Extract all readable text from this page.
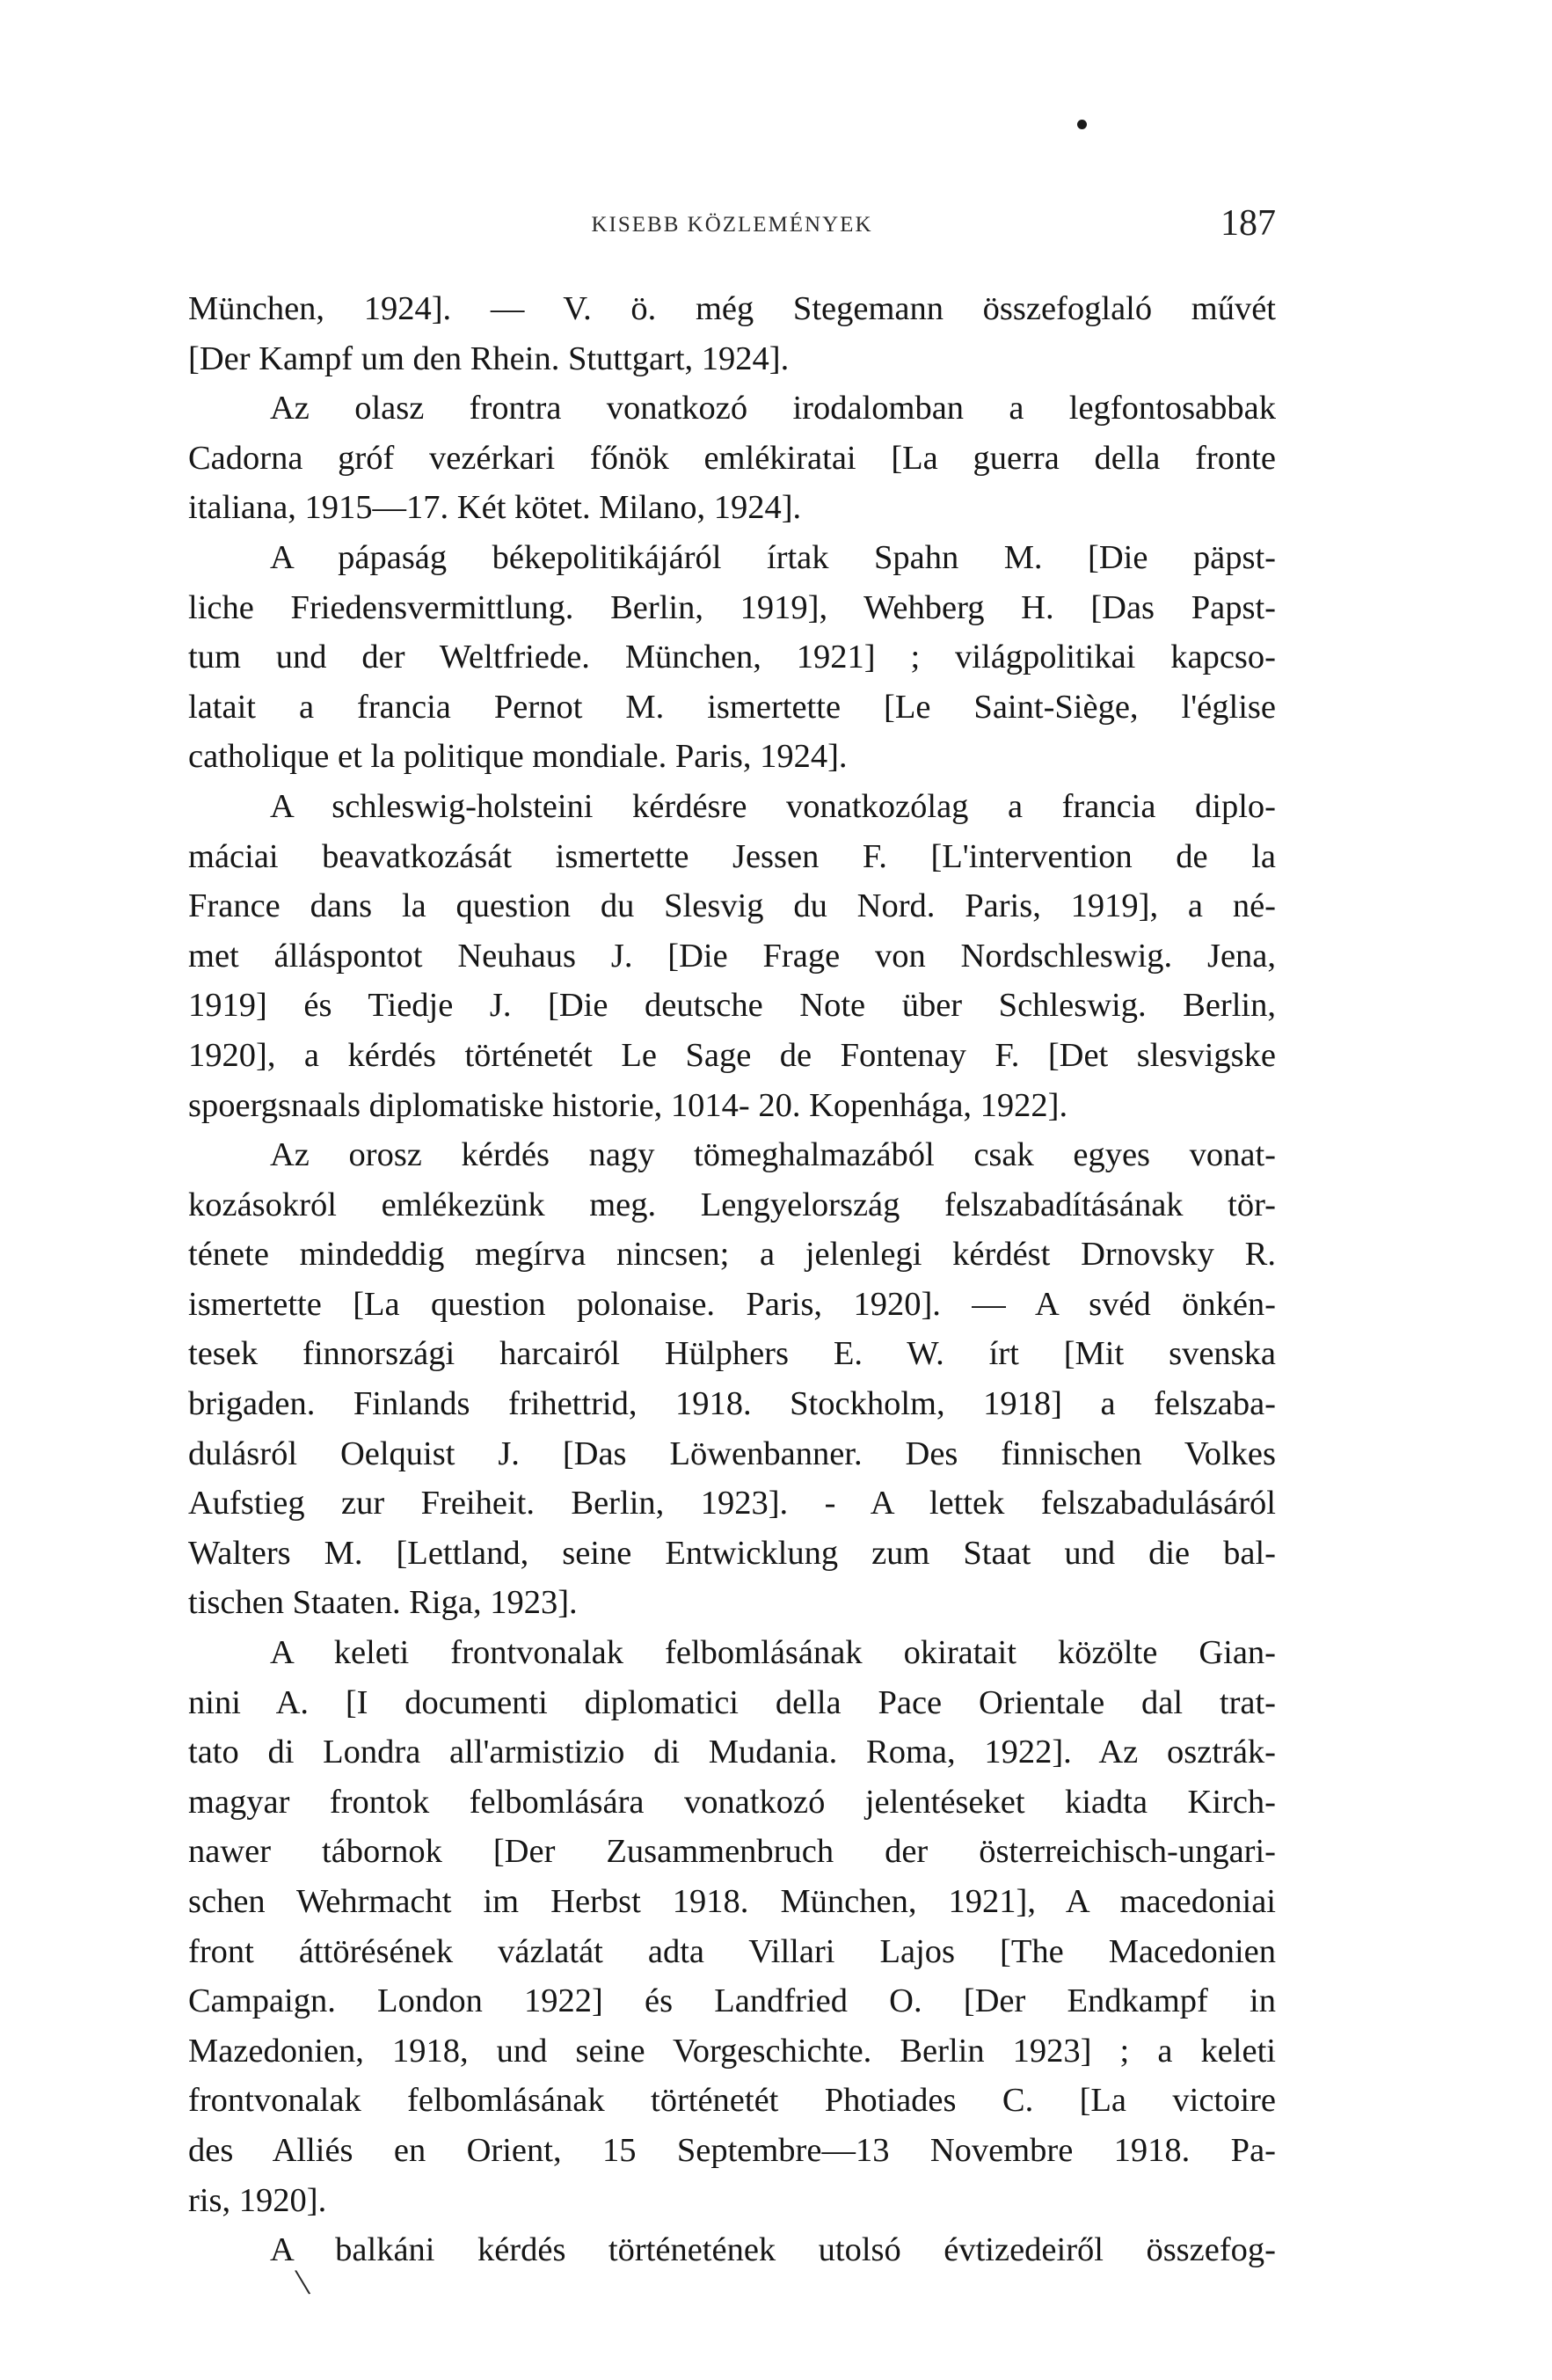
KISEBB KÖZLEMÉNYEK	187
München, 1924]. — V. ö. még Stegemann összefoglaló művét
[Der Kampf um den Rhein. Stuttgart, 1924].
Az olasz frontra vonatkozó irodalomban a legfontosabbak
Cadorna gróf vezérkari főnök emlékiratai [La guerra della fronte
italiana, 1915—17. Két kötet. Milano, 1924].
A pápaság békepolitikájáról írtak Spahn M. [Die päpst-
liche Friedensvermittlung. Berlin, 1919], Wehberg H. [Das Papst-
tum und der Weltfriede. München, 1921] ; világpolitikai kapcso-
latait a francia Pernot M. ismertette [Le Saint-Siège, l'église
catholique et la politique mondiale. Paris, 1924].
A schleswig-holsteini kérdésre vonatkozólag a francia diplo-
máciai beavatkozását ismertette Jessen F. [L'intervention de la
France dans la question du Slesvig du Nord. Paris, 1919], a né-
met álláspontot Neuhaus J. [Die Frage von Nordschleswig. Jena,
1919] és Tiedje J. [Die deutsche Note über Schleswig. Berlin,
1920], a kérdés történetét Le Sage de Fontenay F. [Det slesvigske
spoergsnaals diplomatiske historie, 1014- 20. Kopenhága, 1922].
Az orosz kérdés nagy tömeghalmazából csak egyes vonat-
kozásokról emlékezünk meg. Lengyelország felszabadításának tör-
ténete mindeddig megírva nincsen; a jelenlegi kérdést Drnovsky R.
ismertette [La question polonaise. Paris, 1920]. — A svéd önkén-
tesek finnországi harcairól Hülphers E. W. írt [Mit svenska
brigaden. Finlands frihettrid, 1918. Stockholm, 1918] a felszaba-
dulásról Oelquist J. [Das Löwenbanner. Des finnischen Volkes
Aufstieg zur Freiheit. Berlin, 1923]. - A lettek felszabadulásáról
Walters M. [Lettland, seine Entwicklung zum Staat und die bal-
tischen Staaten. Riga, 1923].
A keleti frontvonalak felbomlásának okiratait közölte Gian-
nini A. [I documenti diplomatici della Pace Orientale dal trat-
tato di Londra all'armistizio di Mudania. Roma, 1922]. Az osztrák-
magyar frontok felbomlására vonatkozó jelentéseket kiadta Kirch-
nawer tábornok [Der Zusammenbruch der österreichisch-ungari-
schen Wehrmacht im Herbst 1918. München, 1921], A macedoniai
front áttörésének vázlatát adta Villari Lajos [The Macedonien
Campaign. London 1922] és Landfried O. [Der Endkampf in
Mazedonien, 1918, und seine Vorgeschichte. Berlin 1923] ; a keleti
frontvonalak felbomlásának történetét Photiades C. [La victoire
des Alliés en Orient, 15 Septembre—13 Novembre 1918. Pa-
ris, 1920].
A balkáni kérdés történetének utolsó évtizedeiről összefog-
\
